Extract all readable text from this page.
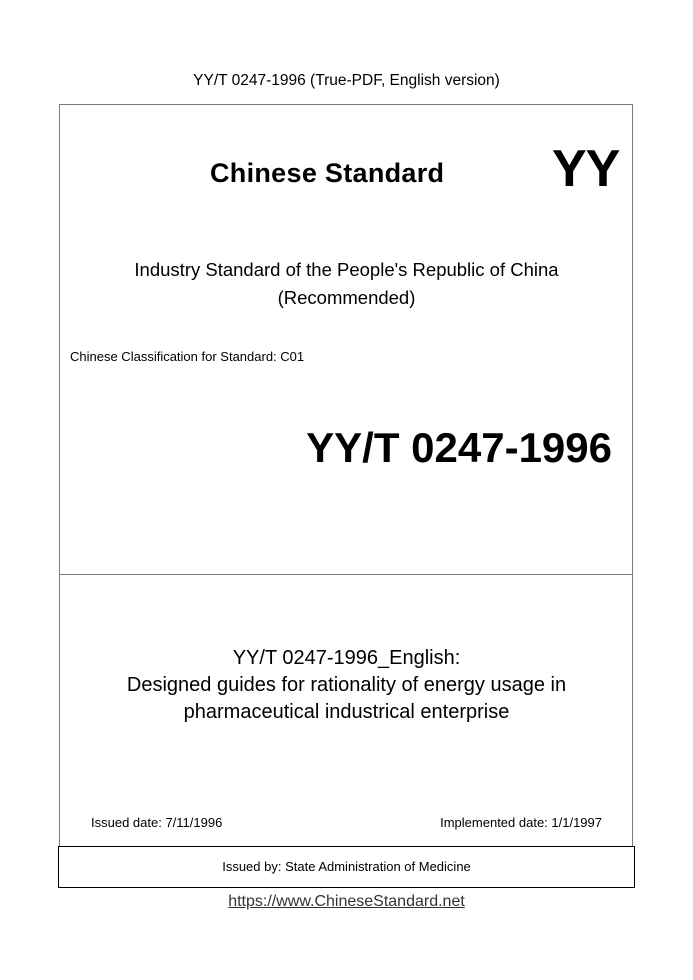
YY/T 0247-1996 (True-PDF, English version)
Chinese Standard YY
Industry Standard of the People's Republic of China
(Recommended)
Chinese Classification for Standard: C01
YY/T 0247-1996
YY/T 0247-1996_English:
Designed guides for rationality of energy usage in
pharmaceutical industrical enterprise
Issued date: 7/11/1996	Implemented date: 1/1/1997
Issued by: State Administration of Medicine
https://www.ChineseStandard.net
